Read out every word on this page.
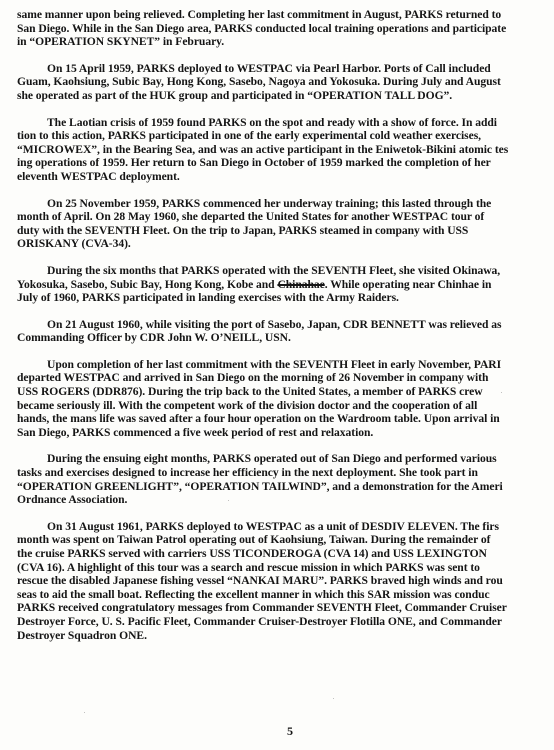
same manner upon being relieved. Completing her last commitment in August, PARKS returned to
San Diego. While in the San Diego area, PARKS conducted local training operations and participate
in “OPERATION SKYNET” in February.

On 15 April 1959, PARKS deployed to WESTPAC via Pearl Harbor. Ports of Call included
Guam, Kaohsiung, Subic Bay, Hong Kong, Sasebo, Nagoya and Yokosuka. During July and August
she operated as part of the HUK group and participated in “OPERATION TALL DOG”.

The Laotian crisis of 1959 found PARKS on the spot and ready with a show of force. In addi
tion to this action, PARKS participated in one of the early experimental cold weather exercises,
“MICROWEX”, in the Bearing Sea, and was an active participant in the Eniwetok-Bikini atomic tes
ing operations of 1959. Her return to San Diego in October of 1959 marked the completion of her
eleventh WESTPAC deployment.

On 25 November 1959, PARKS commenced her underway training; this lasted through the
month of April. On 28 May 1960, she departed the United States for another WESTPAC tour of
duty with the SEVENTH Fleet. On the trip to Japan, PARKS steamed in company with USS
ORISKANY (CVA-34).

During the six months that PARKS operated with the SEVENTH Fleet, she visited Okinawa,
Yokosuka, Sasebo, Subic Bay, Hong Kong, Kobe and Chinahae. While operating near Chinhae in
July of 1960, PARKS participated in landing exercises with the Army Raiders.

On 21 August 1960, while visiting the port of Sasebo, Japan, CDR BENNETT was relieved as
Commanding Officer by CDR John W. O’NEILL, USN.

Upon completion of her last commitment with the SEVENTH Fleet in early November, PARI
departed WESTPAC and arrived in San Diego on the morning of 26 November in company with
USS ROGERS (DDR876). During the trip back to the United States, a member of PARKS crew
became seriously ill. With the competent work of the division doctor and the cooperation of all
hands, the mans life was saved after a four hour operation on the Wardroom table. Upon arrival in
San Diego, PARKS commenced a five week period of rest and relaxation.

During the ensuing eight months, PARKS operated out of San Diego and performed various
tasks and exercises designed to increase her efficiency in the next deployment. She took part in
“OPERATION GREENLIGHT”, “OPERATION TAILWIND”, and a demonstration for the Ameri
Ordnance Association.

On 31 August 1961, PARKS deployed to WESTPAC as a unit of DESDIV ELEVEN. The firs
month was spent on Taiwan Patrol operating out of Kaohsiung, Taiwan. During the remainder of
the cruise PARKS served with carriers USS TICONDEROGA (CVA 14) and USS LEXINGTON
(CVA 16). A highlight of this tour was a search and rescue mission in which PARKS was sent to
rescue the disabled Japanese fishing vessel “NANKAI MARU”. PARKS braved high winds and rou
seas to aid the small boat. Reflecting the excellent manner in which this SAR mission was conduc
PARKS received congratulatory messages from Commander SEVENTH Fleet, Commander Cruiser
Destroyer Force, U. S. Pacific Fleet, Commander Cruiser-Destroyer Flotilla ONE, and Commander
Destroyer Squadron ONE.

5
